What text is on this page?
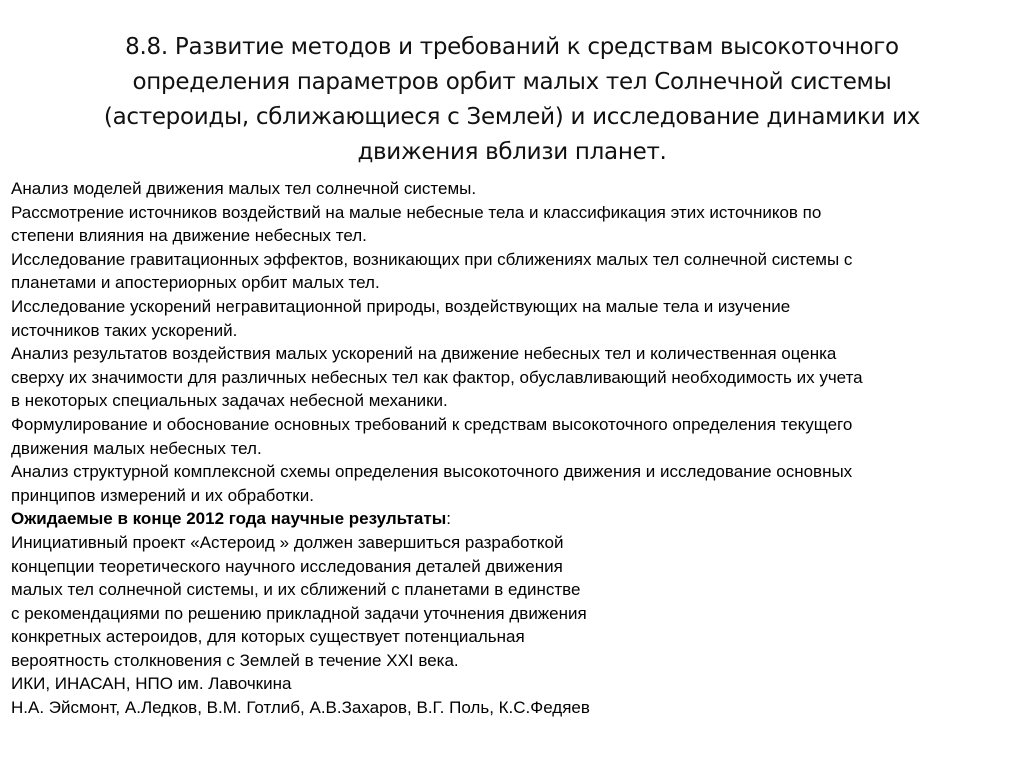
8.8. Развитие методов и требований к средствам высокоточного
определения параметров орбит малых тел Солнечной системы
(астероиды, сближающиеся с Землей) и исследование динамики их
движения вблизи планет.
Анализ моделей движения малых тел солнечной системы.
Рассмотрение источников воздействий на малые небесные тела и классификация этих источников по
степени влияния на движение небесных тел.
Исследование гравитационных эффектов, возникающих при сближениях малых тел солнечной системы с
планетами и апостериорных орбит малых тел.
Исследование ускорений негравитационной природы, воздействующих на малые тела и изучение
источников таких ускорений.
Анализ результатов воздействия малых ускорений на движение небесных тел и количественная оценка
сверху их значимости для различных небесных тел как фактор, обуславливающий необходимость их учета
в некоторых специальных задачах небесной механики.
Формулирование и обоснование основных требований к средствам высокоточного определения текущего
движения малых небесных тел.
Анализ структурной комплексной схемы определения высокоточного движения и исследование основных
принципов измерений и их обработки.
Ожидаемые в конце 2012 года научные результаты:
Инициативный проект «Астероид » должен завершиться разработкой
концепции теоретического научного исследования деталей движения
малых тел солнечной системы, и их сближений с планетами в единстве
с рекомендациями по решению прикладной задачи уточнения движения
конкретных астероидов, для которых существует потенциальная
вероятность столкновения с Землей в течение XXI века.
ИКИ, ИНАСАН, НПО им. Лавочкина
Н.А. Эйсмонт, А.Ледков, В.М. Готлиб, А.В.Захаров, В.Г. Поль, К.С.Федяев
